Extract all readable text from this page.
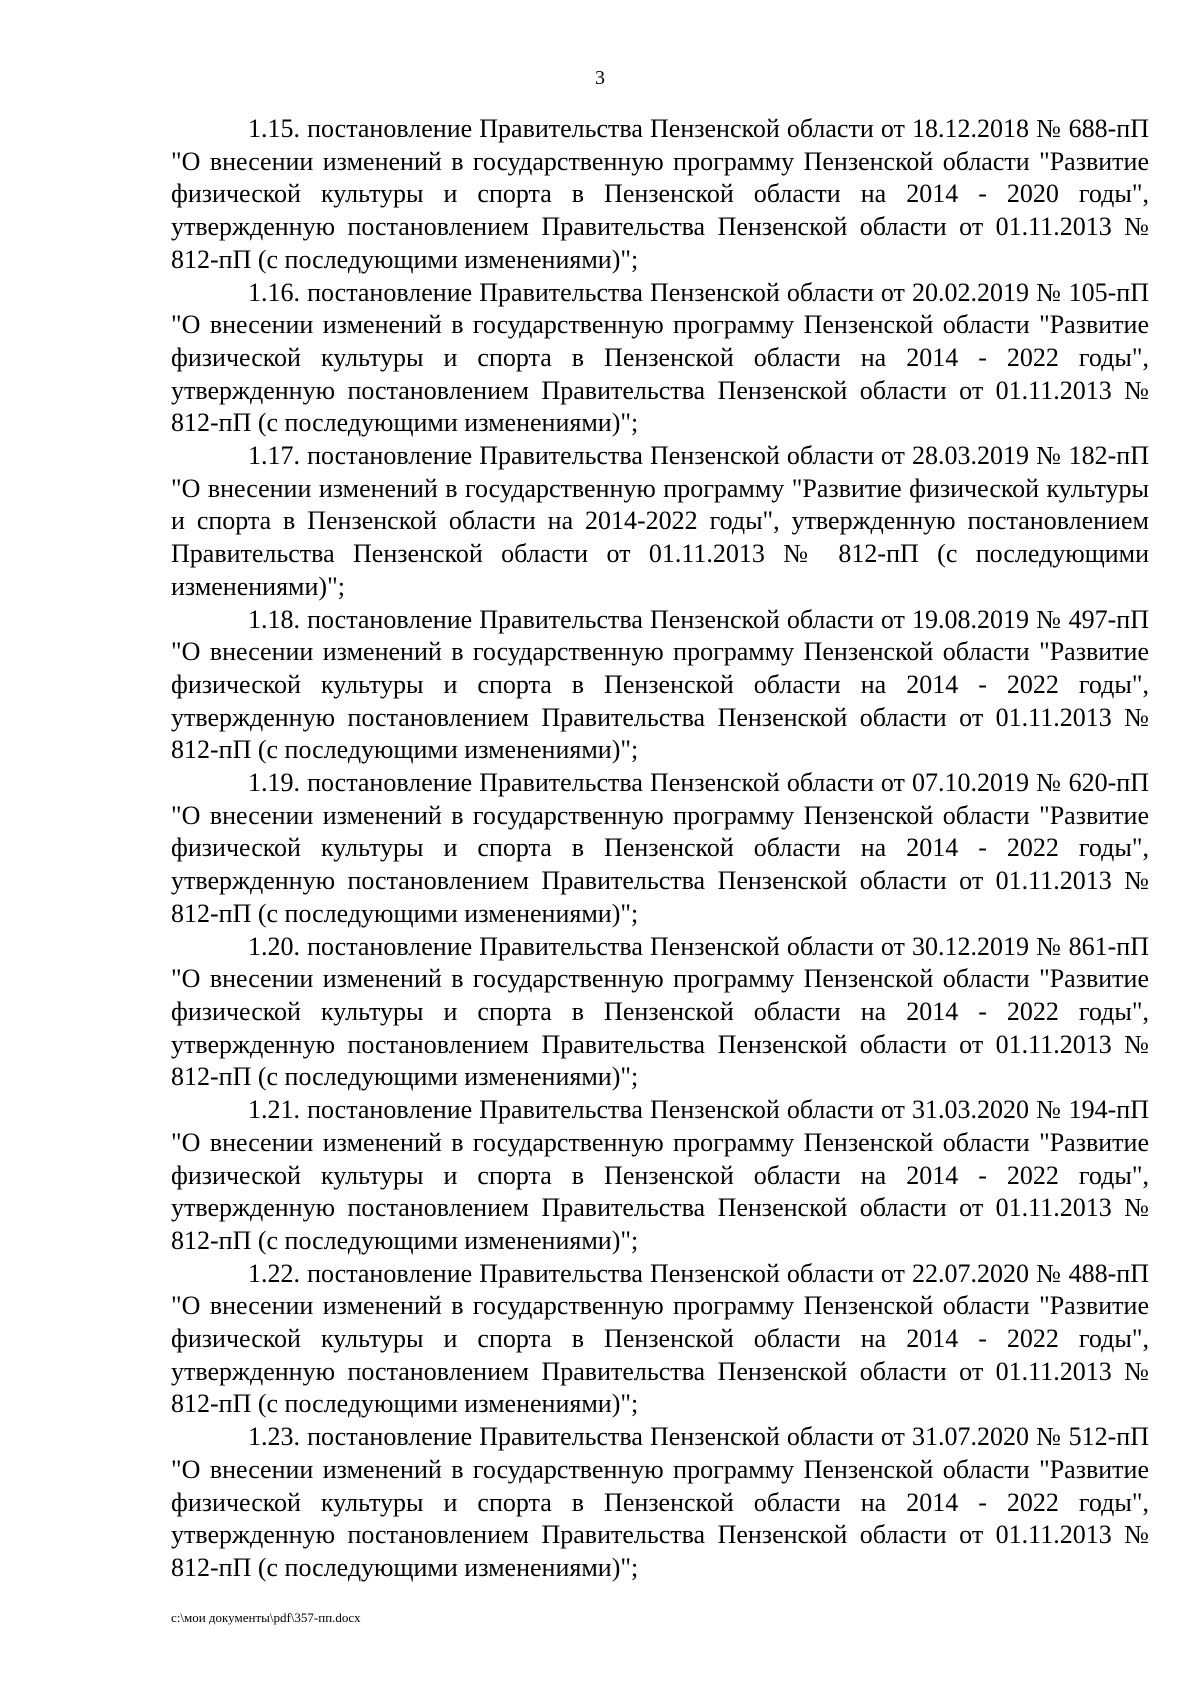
3

1.15. постановление Правительства Пензенской области от 18.12.2018 № 688-пП "О внесении изменений в государственную программу Пензенской области "Развитие физической культуры и спорта в Пензенской области на 2014 - 2020 годы", утвержденную постановлением Правительства Пензенской области от 01.11.2013 № 812-пП (с последующими изменениями)";

1.16. постановление Правительства Пензенской области от 20.02.2019 № 105-пП "О внесении изменений в государственную программу Пензенской области "Развитие физической культуры и спорта в Пензенской области на 2014 - 2022 годы", утвержденную постановлением Правительства Пензенской области от 01.11.2013 № 812-пП (с последующими изменениями)";

1.17. постановление Правительства Пензенской области от 28.03.2019 № 182-пП "О внесении изменений в государственную программу "Развитие физической культуры и спорта в Пензенской области на 2014-2022 годы", утвержденную постановлением Правительства Пензенской области от 01.11.2013 № 812-пП (с последующими изменениями)";

1.18. постановление Правительства Пензенской области от 19.08.2019 № 497-пП "О внесении изменений в государственную программу Пензенской области "Развитие физической культуры и спорта в Пензенской области на 2014 - 2022 годы", утвержденную постановлением Правительства Пензенской области от 01.11.2013 № 812-пП (с последующими изменениями)";

1.19. постановление Правительства Пензенской области от 07.10.2019 № 620-пП "О внесении изменений в государственную программу Пензенской области "Развитие физической культуры и спорта в Пензенской области на 2014 - 2022 годы", утвержденную постановлением Правительства Пензенской области от 01.11.2013 № 812-пП (с последующими изменениями)";

1.20. постановление Правительства Пензенской области от 30.12.2019 № 861-пП "О внесении изменений в государственную программу Пензенской области "Развитие физической культуры и спорта в Пензенской области на 2014 - 2022 годы", утвержденную постановлением Правительства Пензенской области от 01.11.2013 № 812-пП (с последующими изменениями)";

1.21. постановление Правительства Пензенской области от 31.03.2020 № 194-пП "О внесении изменений в государственную программу Пензенской области "Развитие физической культуры и спорта в Пензенской области на 2014 - 2022 годы", утвержденную постановлением Правительства Пензенской области от 01.11.2013 № 812-пП (с последующими изменениями)";

1.22. постановление Правительства Пензенской области от 22.07.2020 № 488-пП "О внесении изменений в государственную программу Пензенской области "Развитие физической культуры и спорта в Пензенской области на 2014 - 2022 годы", утвержденную постановлением Правительства Пензенской области от 01.11.2013 № 812-пП (с последующими изменениями)";

1.23. постановление Правительства Пензенской области от 31.07.2020 № 512-пП "О внесении изменений в государственную программу Пензенской области "Развитие физической культуры и спорта в Пензенской области на 2014 - 2022 годы", утвержденную постановлением Правительства Пензенской области от 01.11.2013 № 812-пП (с последующими изменениями)";

c:\мои документы\pdf\357-пп.docx
